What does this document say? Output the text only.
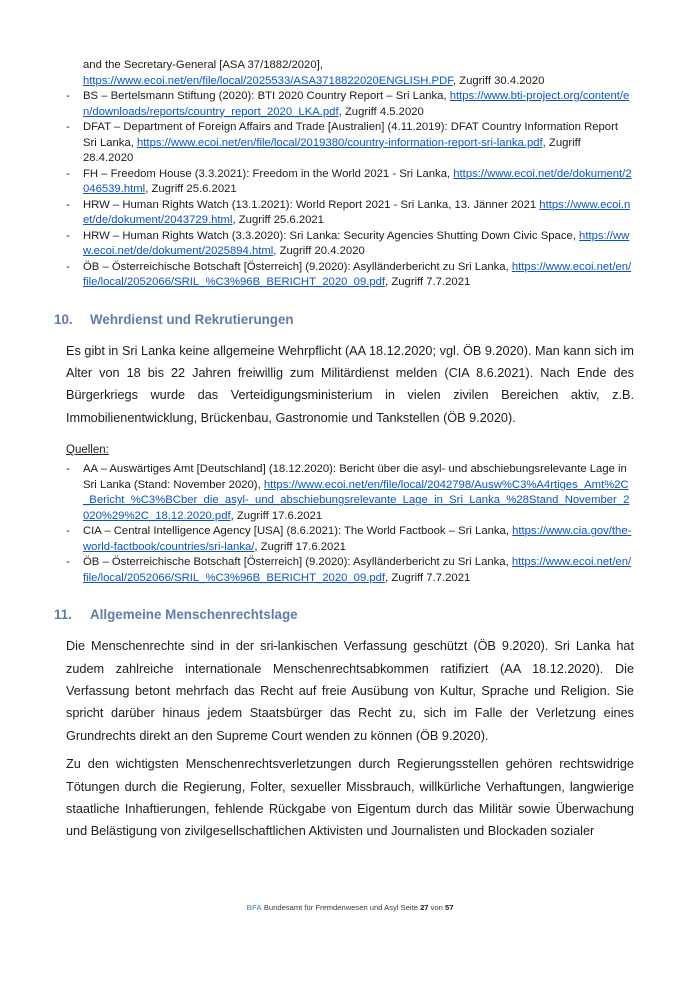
and the Secretary-General [ASA 37/1882/2020],
https://www.ecoi.net/en/file/local/2025533/ASA3718822020ENGLISH.PDF, Zugriff 30.4.2020
-	BS – Bertelsmann Stiftung (2020): BTI 2020 Country Report – Sri Lanka, https://www.bti-project.org/content/en/downloads/reports/country_report_2020_LKA.pdf, Zugriff 4.5.2020
-	DFAT – Department of Foreign Affairs and Trade [Australien] (4.11.2019): DFAT Country Information Report Sri Lanka, https://www.ecoi.net/en/file/local/2019380/country-information-report-sri-lanka.pdf, Zugriff 28.4.2020
-	FH – Freedom House (3.3.2021): Freedom in the World 2021 - Sri Lanka, https://www.ecoi.net/de/dokument/2046539.html, Zugriff 25.6.2021
-	HRW – Human Rights Watch (13.1.2021): World Report 2021 - Sri Lanka, 13. Jänner 2021 https://www.ecoi.net/de/dokument/2043729.html, Zugriff 25.6.2021
-	HRW – Human Rights Watch (3.3.2020): Sri Lanka: Security Agencies Shutting Down Civic Space, https://www.ecoi.net/de/dokument/2025894.html, Zugriff 20.4.2020
-	ÖB – Österreichische Botschaft [Österreich] (9.2020): Asylländerbericht zu Sri Lanka, https://www.ecoi.net/en/file/local/2052066/SRIL_%C3%96B_BERICHT_2020_09.pdf, Zugriff 7.7.2021
10.	Wehrdienst und Rekrutierungen

Es gibt in Sri Lanka keine allgemeine Wehrpflicht (AA 18.12.2020; vgl. ÖB 9.2020). Man kann sich im Alter von 18 bis 22 Jahren freiwillig zum Militärdienst melden (CIA 8.6.2021). Nach Ende des Bürgerkriegs wurde das Verteidigungsministerium in vielen zivilen Bereichen aktiv, z.B. Immobilienentwicklung, Brückenbau, Gastronomie und Tankstellen (ÖB 9.2020).

Quellen:
-	AA – Auswärtiges Amt [Deutschland] (18.12.2020): Bericht über die asyl- und abschiebungsrelevante Lage in Sri Lanka (Stand: November 2020), https://www.ecoi.net/en/file/local/2042798/Ausw%C3%A4rtiges_Amt%2C_Bericht_%C3%BCber_die_asyl-_und_abschiebungsrelevante_Lage_in_Sri_Lanka_%28Stand_November_2020%29%2C_18.12.2020.pdf, Zugriff 17.6.2021
-	CIA – Central Intelligence Agency [USA] (8.6.2021): The World Factbook – Sri Lanka, https://www.cia.gov/the-world-factbook/countries/sri-lanka/, Zugriff 17.6.2021
-	ÖB – Österreichische Botschaft [Österreich] (9.2020): Asylländerbericht zu Sri Lanka, https://www.ecoi.net/en/file/local/2052066/SRIL_%C3%96B_BERICHT_2020_09.pdf, Zugriff 7.7.2021
11.	Allgemeine Menschenrechtslage

Die Menschenrechte sind in der sri-lankischen Verfassung geschützt (ÖB 9.2020). Sri Lanka hat zudem zahlreiche internationale Menschenrechtsabkommen ratifiziert (AA 18.12.2020). Die Verfassung betont mehrfach das Recht auf freie Ausübung von Kultur, Sprache und Religion. Sie spricht darüber hinaus jedem Staatsbürger das Recht zu, sich im Falle der Verletzung eines Grundrechts direkt an den Supreme Court wenden zu können (ÖB 9.2020).

Zu den wichtigsten Menschenrechtsverletzungen durch Regierungsstellen gehören rechtswidrige Tötungen durch die Regierung, Folter, sexueller Missbrauch, willkürliche Verhaftungen, langwierige staatliche Inhaftierungen, fehlende Rückgabe von Eigentum durch das Militär sowie Überwachung und Belästigung von zivilgesellschaftlichen Aktivisten und Journalisten und Blockaden sozialer

BFA Bundesamt für Fremdenwesen und Asyl Seite 27 von 57
